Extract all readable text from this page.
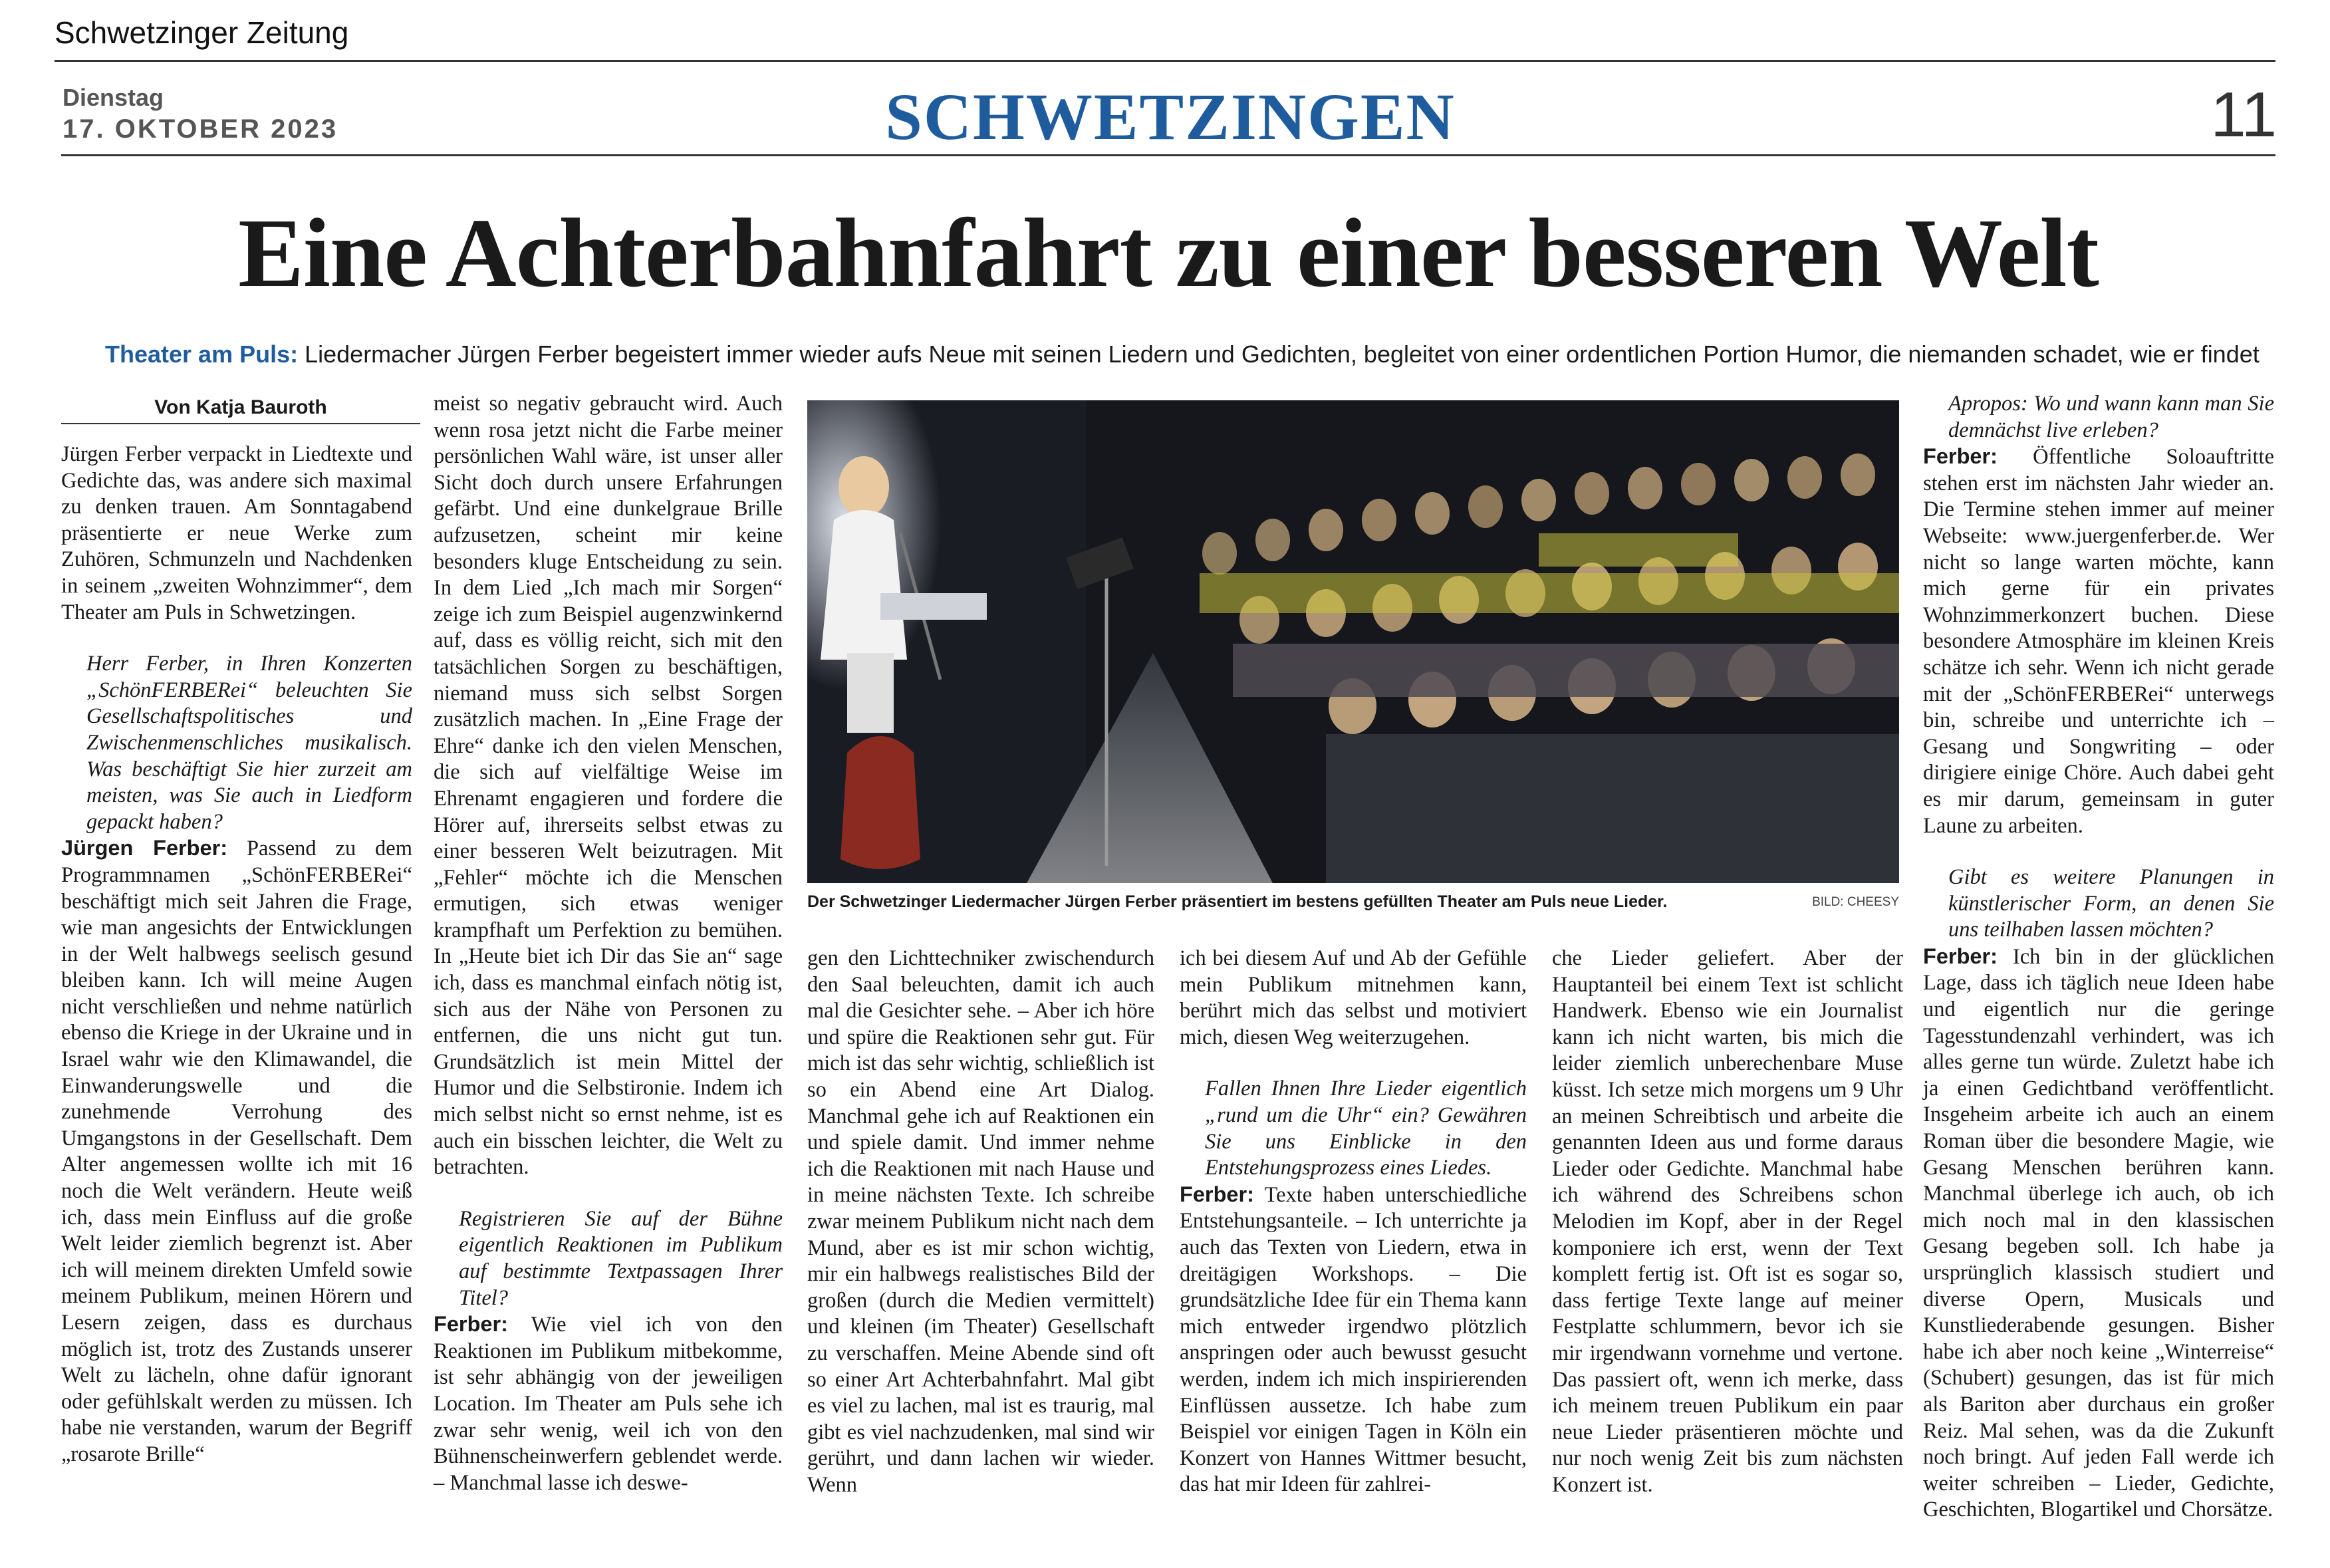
Schwetzinger Zeitung
Dienstag
17. OKTOBER 2023	SCHWETZINGEN	11
Eine Achterbahnfahrt zu einer besseren Welt
Theater am Puls: Liedermacher Jürgen Ferber begeistert immer wieder aufs Neue mit seinen Liedern und Gedichten, begleitet von einer ordentlichen Portion Humor, die niemanden schadet, wie er findet
Von Katja Bauroth

Jürgen Ferber verpackt in Liedtexte und Gedichte das, was andere sich maximal zu denken trauen. Am Sonntagabend präsentierte er neue Werke zum Zuhören, Schmunzeln und Nachdenken in seinem „zweiten Wohnzimmer“, dem Theater am Puls in Schwetzingen.

Herr Ferber, in Ihren Konzerten „SchönFERBERei“ beleuchten Sie Gesellschaftspolitisches und Zwischenmenschliches musikalisch. Was beschäftigt Sie hier zurzeit am meisten, was Sie auch in Liedform gepackt haben?

Jürgen Ferber: Passend zu dem Programmnamen „SchönFERBERei“ beschäftigt mich seit Jahren die Frage, wie man angesichts der Entwicklungen in der Welt halbwegs seelisch gesund bleiben kann. Ich will meine Augen nicht verschließen und nehme natürlich ebenso die Kriege in der Ukraine und in Israel wahr wie den Klimawandel, die Einwanderungswelle und die zunehmende Verrohung des Umgangstons in der Gesellschaft. Dem Alter angemessen wollte ich mit 16 noch die Welt verändern. Heute weiß ich, dass mein Einfluss auf die große Welt leider ziemlich begrenzt ist. Aber ich will meinem direkten Umfeld sowie meinem Publikum, meinen Hörern und Lesern zeigen, dass es durchaus möglich ist, trotz des Zustands unserer Welt zu lächeln, ohne dafür ignorant oder gefühlskalt werden zu müssen. Ich habe nie verstanden, warum der Begriff „rosarote Brille“

meist so negativ gebraucht wird. Auch wenn rosa jetzt nicht die Farbe meiner persönlichen Wahl wäre, ist unser aller Sicht doch durch unsere Erfahrungen gefärbt. Und eine dunkelgraue Brille aufzusetzen, scheint mir keine besonders kluge Entscheidung zu sein. In dem Lied „Ich mach mir Sorgen“ zeige ich zum Beispiel augenzwinkernd auf, dass es völlig reicht, sich mit den tatsächlichen Sorgen zu beschäftigen, niemand muss sich selbst Sorgen zusätzlich machen. In „Eine Frage der Ehre“ danke ich den vielen Menschen, die sich auf vielfältige Weise im Ehrenamt engagieren und fordere die Hörer auf, ihrerseits selbst etwas zu einer besseren Welt beizutragen. Mit „Fehler“ möchte ich die Menschen ermutigen, sich etwas weniger krampfhaft um Perfektion zu bemühen. In „Heute biet ich Dir das Sie an“ sage ich, dass es manchmal einfach nötig ist, sich aus der Nähe von Personen zu entfernen, die uns nicht gut tun. Grundsätzlich ist mein Mittel der Humor und die Selbstironie. Indem ich mich selbst nicht so ernst nehme, ist es auch ein bisschen leichter, die Welt zu betrachten.

Registrieren Sie auf der Bühne eigentlich Reaktionen im Publikum auf bestimmte Textpassagen Ihrer Titel?

Ferber: Wie viel ich von den Reaktionen im Publikum mitbekomme, ist sehr abhängig von der jeweiligen Location. Im Theater am Puls sehe ich zwar sehr wenig, weil ich von den Bühnenscheinwerfern geblendet werde. – Manchmal lasse ich deswe-

Der Schwetzinger Liedermacher Jürgen Ferber präsentiert im bestens gefüllten Theater am Puls neue Lieder.	BILD: CHEESY

gen den Lichttechniker zwischendurch den Saal beleuchten, damit ich auch mal die Gesichter sehe. – Aber ich höre und spüre die Reaktionen sehr gut. Für mich ist das sehr wichtig, schließlich ist so ein Abend eine Art Dialog. Manchmal gehe ich auf Reaktionen ein und spiele damit. Und immer nehme ich die Reaktionen mit nach Hause und in meine nächsten Texte. Ich schreibe zwar meinem Publikum nicht nach dem Mund, aber es ist mir schon wichtig, mir ein halbwegs realistisches Bild der großen (durch die Medien vermittelt) und kleinen (im Theater) Gesellschaft zu verschaffen. Meine Abende sind oft so einer Art Achterbahnfahrt. Mal gibt es viel zu lachen, mal ist es traurig, mal gibt es viel nachzudenken, mal sind wir gerührt, und dann lachen wir wieder. Wenn

ich bei diesem Auf und Ab der Gefühle mein Publikum mitnehmen kann, berührt mich das selbst und motiviert mich, diesen Weg weiterzugehen.

Fallen Ihnen Ihre Lieder eigentlich „rund um die Uhr“ ein? Gewähren Sie uns Einblicke in den Entstehungsprozess eines Liedes.

Ferber: Texte haben unterschiedliche Entstehungsanteile. – Ich unterrichte ja auch das Texten von Liedern, etwa in dreitägigen Workshops. – Die grundsätzliche Idee für ein Thema kann mich entweder irgendwo plötzlich anspringen oder auch bewusst gesucht werden, indem ich mich inspirierenden Einflüssen aussetze. Ich habe zum Beispiel vor einigen Tagen in Köln ein Konzert von Hannes Wittmer besucht, das hat mir Ideen für zahlrei-

che Lieder geliefert. Aber der Hauptanteil bei einem Text ist schlicht Handwerk. Ebenso wie ein Journalist kann ich nicht warten, bis mich die leider ziemlich unberechenbare Muse küsst. Ich setze mich morgens um 9 Uhr an meinen Schreibtisch und arbeite die genannten Ideen aus und forme daraus Lieder oder Gedichte. Manchmal habe ich während des Schreibens schon Melodien im Kopf, aber in der Regel komponiere ich erst, wenn der Text komplett fertig ist. Oft ist es sogar so, dass fertige Texte lange auf meiner Festplatte schlummern, bevor ich sie mir irgendwann vornehme und vertone. Das passiert oft, wenn ich merke, dass ich meinem treuen Publikum ein paar neue Lieder präsentieren möchte und nur noch wenig Zeit bis zum nächsten Konzert ist.

Apropos: Wo und wann kann man Sie demnächst live erleben?

Ferber: Öffentliche Soloauftritte stehen erst im nächsten Jahr wieder an. Die Termine stehen immer auf meiner Webseite: www.juergenferber.de. Wer nicht so lange warten möchte, kann mich gerne für ein privates Wohnzimmerkonzert buchen. Diese besondere Atmosphäre im kleinen Kreis schätze ich sehr. Wenn ich nicht gerade mit der „SchönFERBERei“ unterwegs bin, schreibe und unterrichte ich – Gesang und Songwriting – oder dirigiere einige Chöre. Auch dabei geht es mir darum, gemeinsam in guter Laune zu arbeiten.

Gibt es weitere Planungen in künstlerischer Form, an denen Sie uns teilhaben lassen möchten?

Ferber: Ich bin in der glücklichen Lage, dass ich täglich neue Ideen habe und eigentlich nur die geringe Tagesstundenzahl verhindert, was ich alles gerne tun würde. Zuletzt habe ich ja einen Gedichtband veröffentlicht. Insgeheim arbeite ich auch an einem Roman über die besondere Magie, wie Gesang Menschen berühren kann. Manchmal überlege ich auch, ob ich mich noch mal in den klassischen Gesang begeben soll. Ich habe ja ursprünglich klassisch studiert und diverse Opern, Musicals und Kunstliederabende gesungen. Bisher habe ich aber noch keine „Winterreise“ (Schubert) gesungen, das ist für mich als Bariton aber durchaus ein großer Reiz. Mal sehen, was da die Zukunft noch bringt. Auf jeden Fall werde ich weiter schreiben – Lieder, Gedichte, Geschichten, Blogartikel und Chorsätze.
